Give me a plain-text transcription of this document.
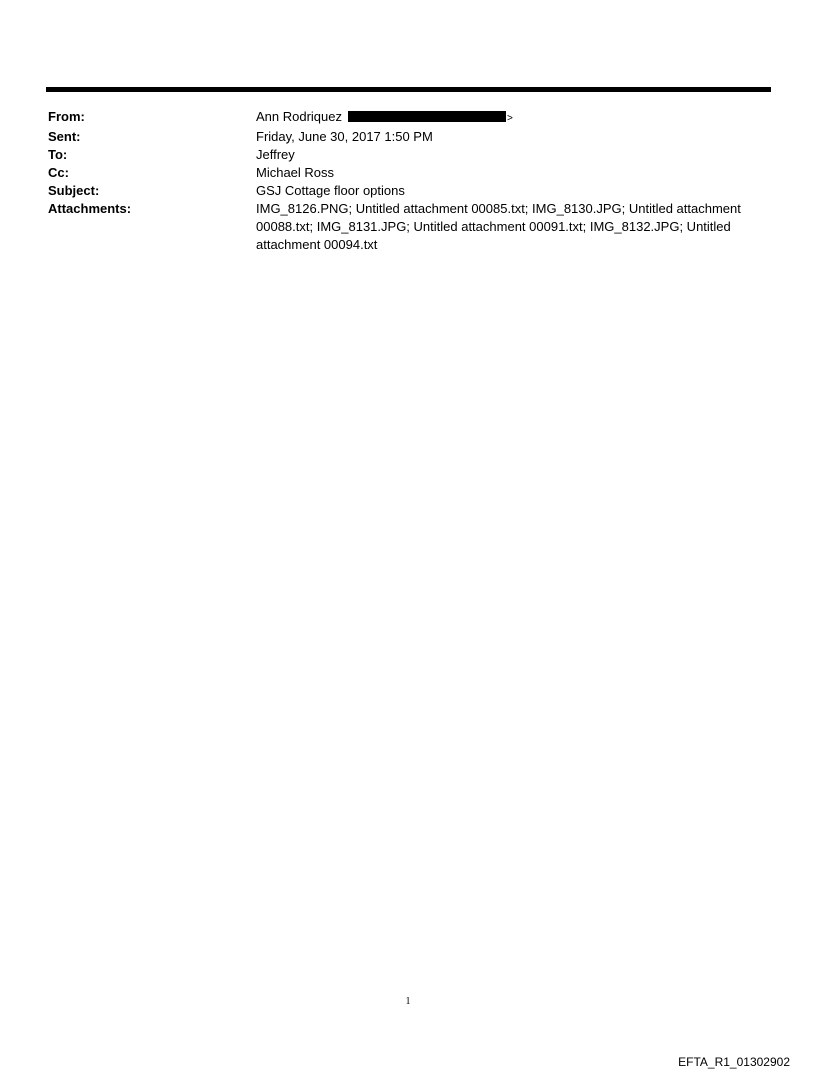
From:	Ann Rodriquez	>
Sent:	Friday, June 30, 2017 1:50 PM
To:	Jeffrey
Cc:	Michael Ross
Subject:	GSJ Cottage floor options
Attachments:	IMG_8126.PNG; Untitled attachment 00085.txt; IMG_8130.JPG; Untitled attachment 00088.txt; IMG_8131.JPG; Untitled attachment 00091.txt; IMG_8132.JPG; Untitled attachment 00094.txt
1
EFTA_R1_01302902
